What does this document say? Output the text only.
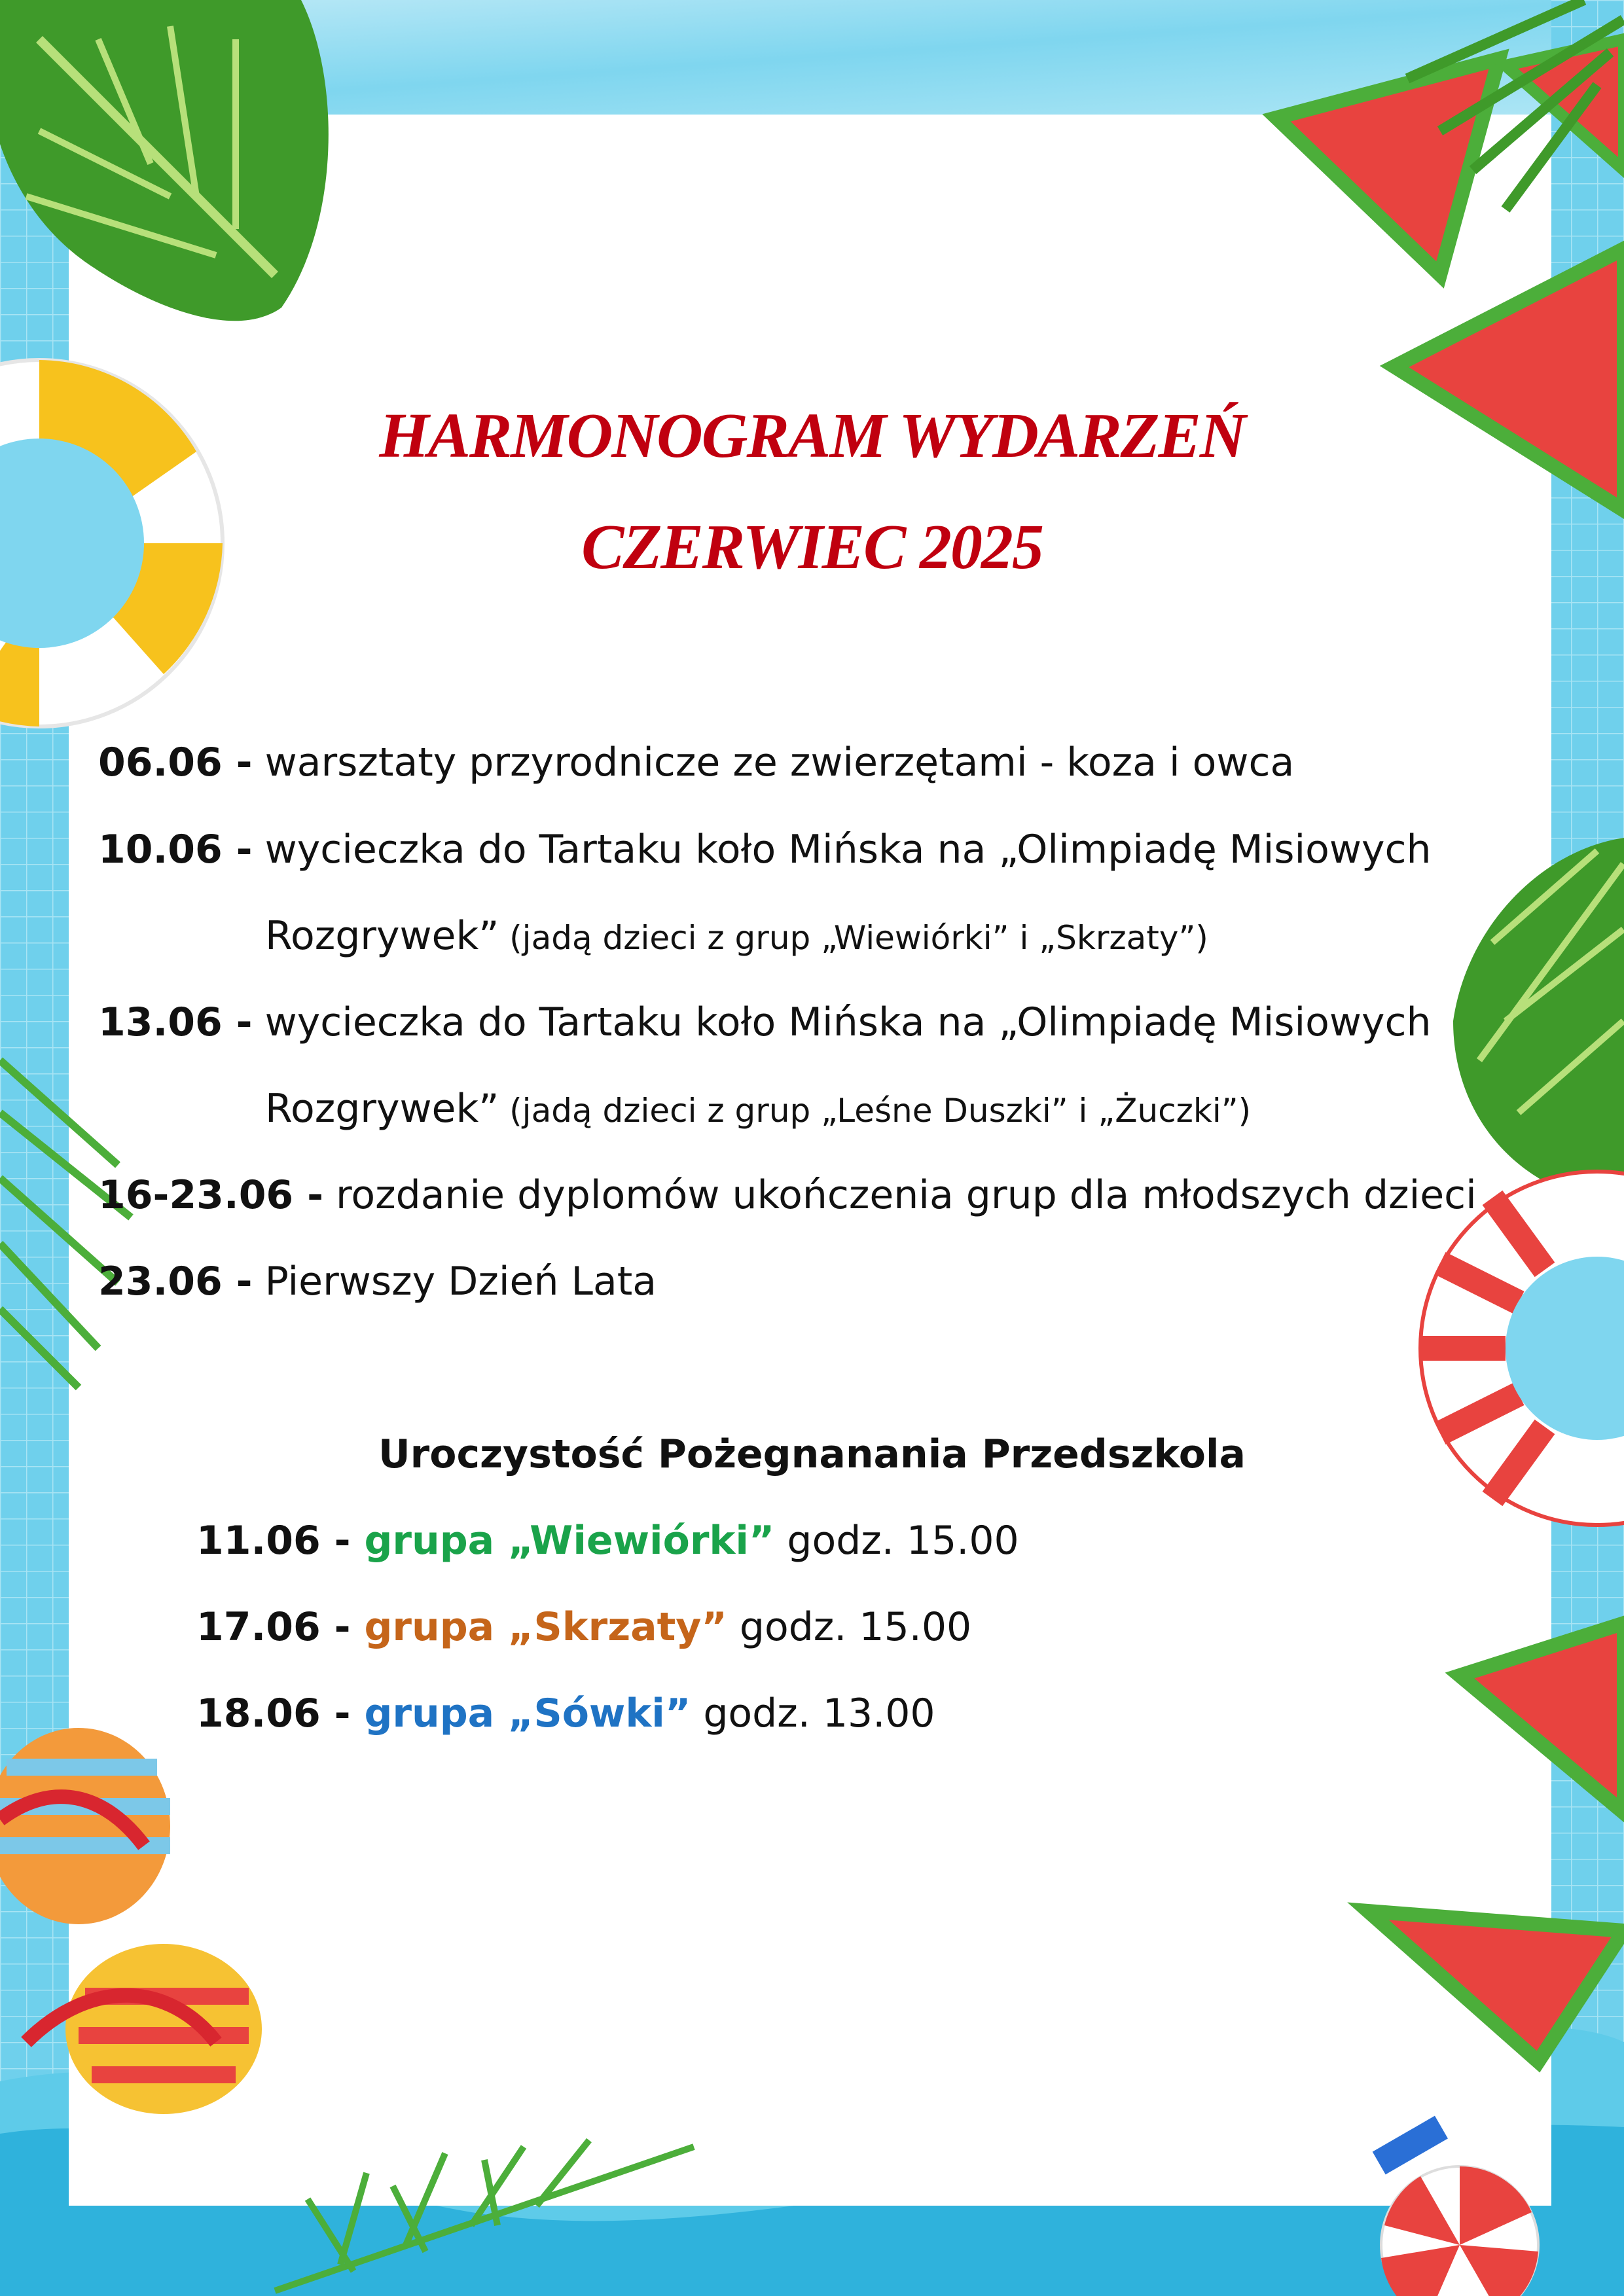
HARMONOGRAM WYDARZEŃ
CZERWIEC 2025
06.06 - warsztaty przyrodnicze ze zwierzętami - koza i owca
10.06 - wycieczka do Tartaku koło Mińska na „Olimpiadę Misiowych
Rozgrywek” (jadą dzieci z grup „Wiewiórki” i „Skrzaty”)
13.06 - wycieczka do Tartaku koło Mińska na „Olimpiadę Misiowych
Rozgrywek” (jadą dzieci z grup „Leśne Duszki” i „Żuczki”)
16-23.06 - rozdanie dyplomów ukończenia grup dla młodszych dzieci
23.06 - Pierwszy Dzień Lata
Uroczystość Pożegnanania Przedszkola
11.06 - grupa „Wiewiórki” godz. 15.00
17.06 - grupa „Skrzaty” godz. 15.00
18.06 - grupa „Sówki” godz. 13.00
